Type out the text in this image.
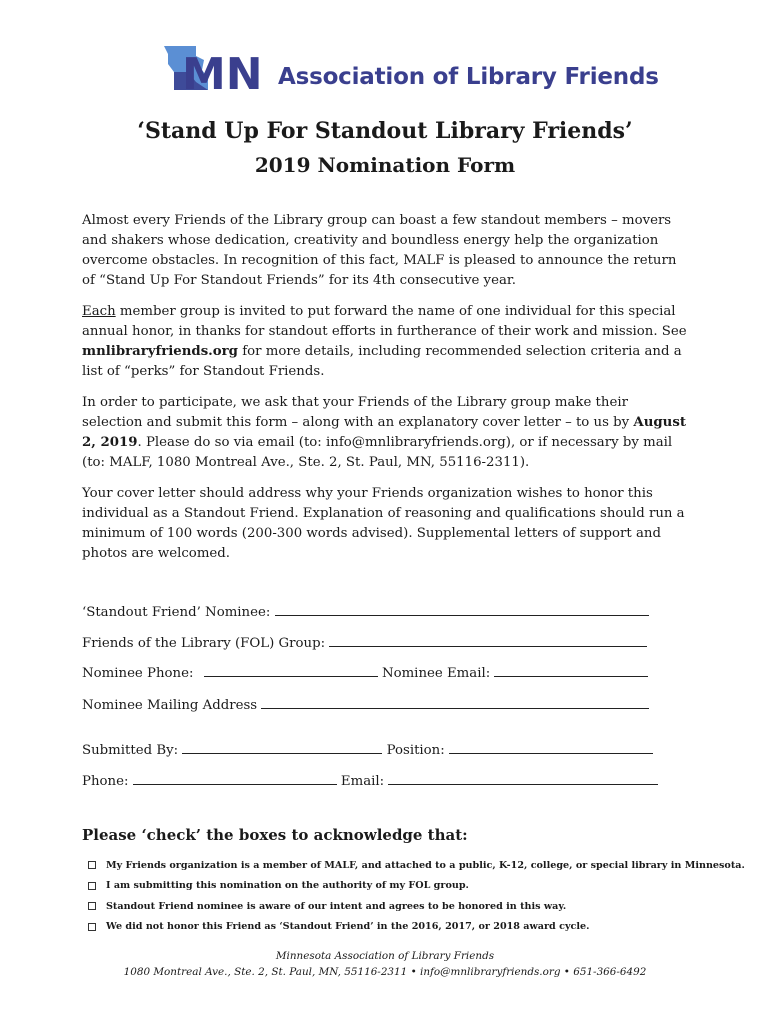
MN Association of Library Friends
‘Stand Up For Standout Library Friends’
2019 Nomination Form

Almost every Friends of the Library group can boast a few standout members – movers and shakers whose dedication, creativity and boundless energy help the organization overcome obstacles. In recognition of this fact, MALF is pleased to announce the return of “Stand Up For Standout Friends” for its 4th consecutive year.

Each member group is invited to put forward the name of one individual for this special annual honor, in thanks for standout efforts in furtherance of their work and mission. See mnlibraryfriends.org for more details, including recommended selection criteria and a list of “perks” for Standout Friends.

In order to participate, we ask that your Friends of the Library group make their selection and submit this form – along with an explanatory cover letter – to us by August 2, 2019. Please do so via email (to: info@mnlibraryfriends.org), or if necessary by mail (to: MALF, 1080 Montreal Ave., Ste. 2, St. Paul, MN, 55116-2311).

Your cover letter should address why your Friends organization wishes to honor this individual as a Standout Friend. Explanation of reasoning and qualifications should run a minimum of 100 words (200-300 words advised). Supplemental letters of support and photos are welcomed.

‘Standout Friend’ Nominee:
Friends of the Library (FOL) Group:
Nominee Phone:	Nominee Email:
Nominee Mailing Address
Submitted By:	Position:
Phone:	Email:
Please ‘check’ the boxes to acknowledge that:
My Friends organization is a member of MALF, and attached to a public, K-12, college, or special library in Minnesota.
I am submitting this nomination on the authority of my FOL group.
Standout Friend nominee is aware of our intent and agrees to be honored in this way.
We did not honor this Friend as ‘Standout Friend’ in the 2016, 2017, or 2018 award cycle.
Minnesota Association of Library Friends
1080 Montreal Ave., Ste. 2, St. Paul, MN, 55116-2311 • info@mnlibraryfriends.org • 651-366-6492
